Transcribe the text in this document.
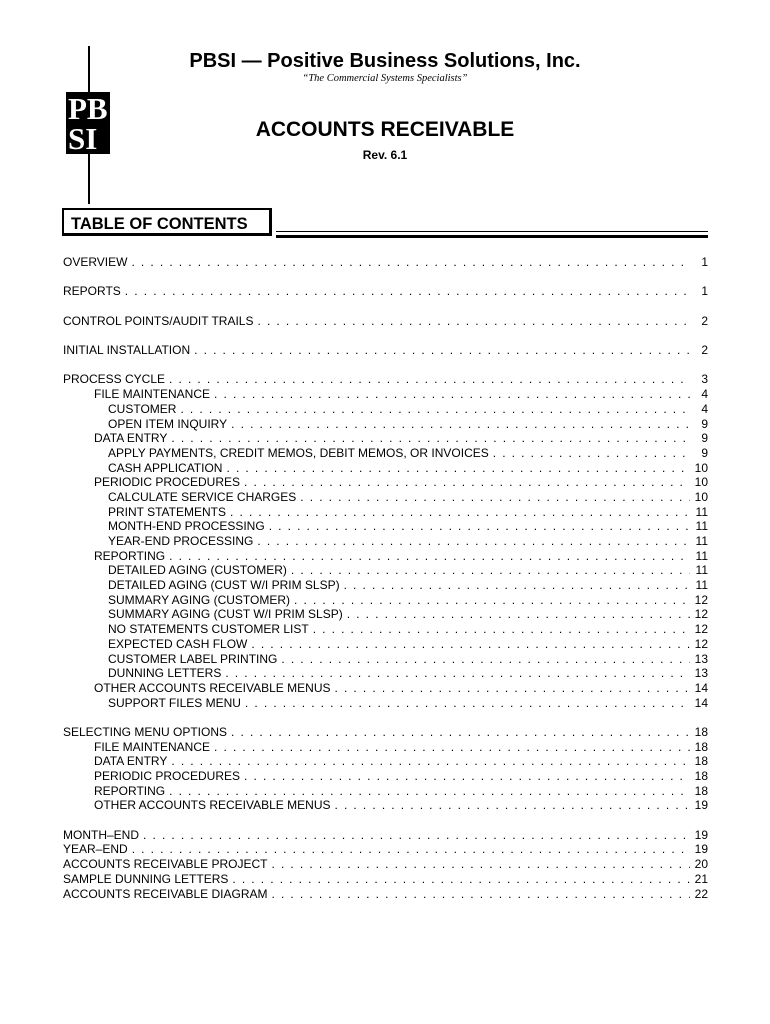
PB
SI
PBSI — Positive Business Solutions, Inc.
“The Commercial Systems Specialists”
ACCOUNTS RECEIVABLE
Rev. 6.1
TABLE OF CONTENTS
OVERVIEW . . .	1
REPORTS . . .	1
CONTROL POINTS/AUDIT TRAILS . . .	2
INITIAL INSTALLATION . . .	2
PROCESS CYCLE . . .	3
FILE MAINTENANCE . . .	4
CUSTOMER . . .	4
OPEN ITEM INQUIRY . . .	9
DATA ENTRY . . .	9
APPLY PAYMENTS, CREDIT MEMOS, DEBIT MEMOS, OR INVOICES . . .	9
CASH APPLICATION . . .	10
PERIODIC PROCEDURES . . .	10
CALCULATE SERVICE CHARGES . . .	10
PRINT STATEMENTS . . .	11
MONTH-END PROCESSING . . .	11
YEAR-END PROCESSING . . .	11
REPORTING . . .	11
DETAILED AGING (CUSTOMER) . . .	11
DETAILED AGING (CUST W/I PRIM SLSP) . . .	11
SUMMARY AGING (CUSTOMER) . . .	12
SUMMARY AGING (CUST W/I PRIM SLSP) . . .	12
NO STATEMENTS CUSTOMER LIST . . .	12
EXPECTED CASH FLOW . . .	12
CUSTOMER LABEL PRINTING . . .	13
DUNNING LETTERS . . .	13
OTHER ACCOUNTS RECEIVABLE MENUS . . .	14
SUPPORT FILES MENU . . .	14
SELECTING MENU OPTIONS . . .	18
FILE MAINTENANCE . . .	18
DATA ENTRY . . .	18
PERIODIC PROCEDURES . . .	18
REPORTING . . .	18
OTHER ACCOUNTS RECEIVABLE MENUS . . .	19
MONTH–END . . .	19
YEAR–END . . .	19
ACCOUNTS RECEIVABLE PROJECT . . .	20
SAMPLE DUNNING LETTERS . . .	21
ACCOUNTS RECEIVABLE DIAGRAM . . .	22
